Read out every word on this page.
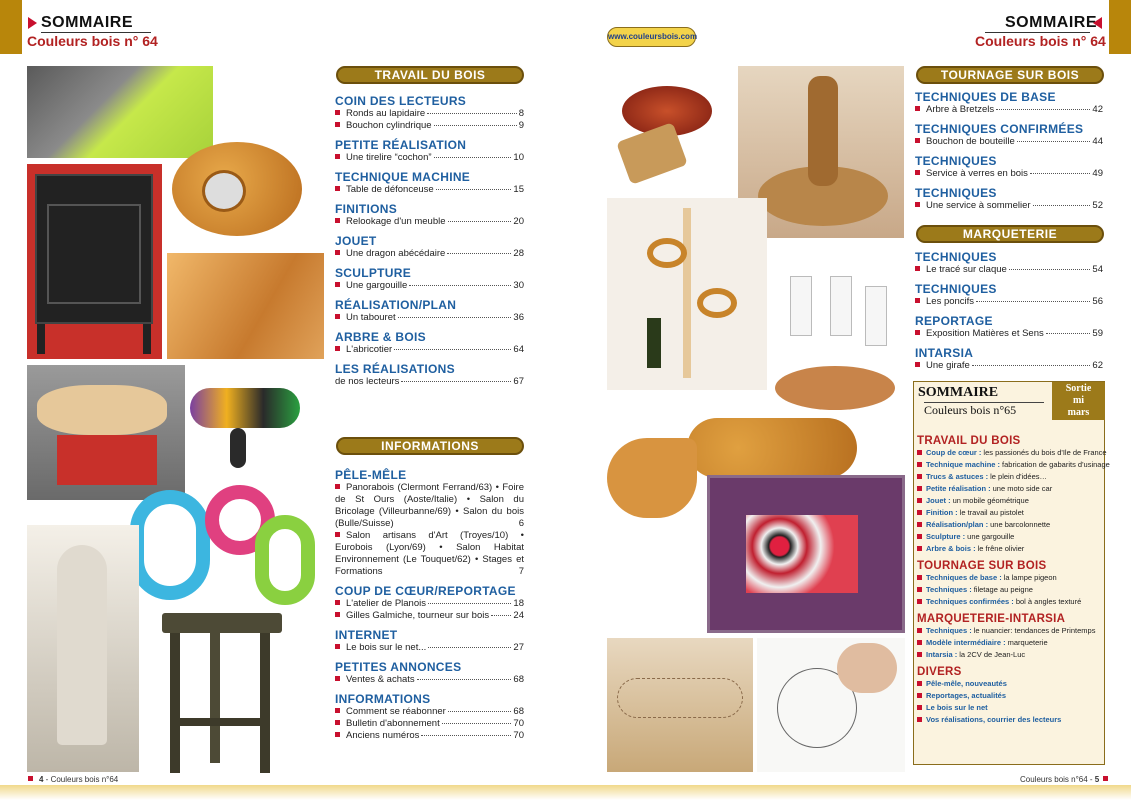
SOMMAIRE
Couleurs bois n° 64	www.couleursbois.com
SOMMAIRE
Couleurs bois n° 64
TRAVAIL DU BOIS
COIN DES LECTEURS
Ronds au lapidaire	8
Bouchon cylindrique	9
PETITE RÉALISATION
Une tirelire “cochon”	10
TECHNIQUE MACHINE
Table de défonceuse	15
FINITIONS
Relookage d'un meuble	20
JOUET
Une dragon abécédaire	28
SCULPTURE
Une gargouille	30
RÉALISATION/PLAN
Un tabouret	36
ARBRE & BOIS
L'abricotier	64
LES RÉALISATIONS
de nos lecteurs	67
INFORMATIONS
PÊLE-MÊLE
Panorabois (Clermont Ferrand/63) • Foire de St Ours (Aoste/Italie) • Salon du Bricolage (Villeurbanne/69) • Salon du bois (Bulle/Suisse)	6
Salon artisans d'Art (Troyes/10) • Eurobois (Lyon/69) • Salon Habitat Environnement (Le Touquet/62) • Stages et Formations	7
COUP DE CŒUR/REPORTAGE
L'atelier de Planois	18
Gilles Galmiche, tourneur sur bois	24
INTERNET
Le bois sur le net...	27
PETITES ANNONCES
Ventes & achats	68
INFORMATIONS
Comment se réabonner	68
Bulletin d'abonnement	70
Anciens numéros	70
TOURNAGE SUR BOIS
TECHNIQUES DE BASE
Arbre à Bretzels	42
TECHNIQUES CONFIRMÉES
Bouchon de bouteille	44
TECHNIQUES
Service à verres en bois	49
TECHNIQUES
Une service à sommelier	52
MARQUETERIE
TECHNIQUES
Le tracé sur claque	54
TECHNIQUES
Les poncifs	56
REPORTAGE
Exposition Matières et Sens	59
INTARSIA
Une girafe	62
SOMMAIRE
Couleurs bois n°65
Sortie
mi
mars
TRAVAIL DU BOIS
Coup de cœur : les passionés du bois d'Ile de France
Technique machine : fabrication de gabarits d'usinage
Trucs & astuces : le plein d'idées…
Petite réalisation : une moto side car
Jouet : un mobile géométrique
Finition : le travail au pistolet
Réalisation/plan : une barcolonnette
Sculpture : une gargouille
Arbre & bois : le frêne olivier
TOURNAGE SUR BOIS
Techniques de base : la lampe pigeon
Techniques : filetage au peigne
Techniques confirmées : bol à angles texturé
MARQUETERIE-INTARSIA
Techniques : le nuancier: tendances de Printemps
Modèle intermédiaire : marqueterie
Intarsia : la 2CV de Jean-Luc
DIVERS
Pêle-mêle, nouveautés
Reportages, actualités
Le bois sur le net
Vos réalisations, courrier des lecteurs
4 - Couleurs bois n°64	Couleurs bois n°64 - 5
